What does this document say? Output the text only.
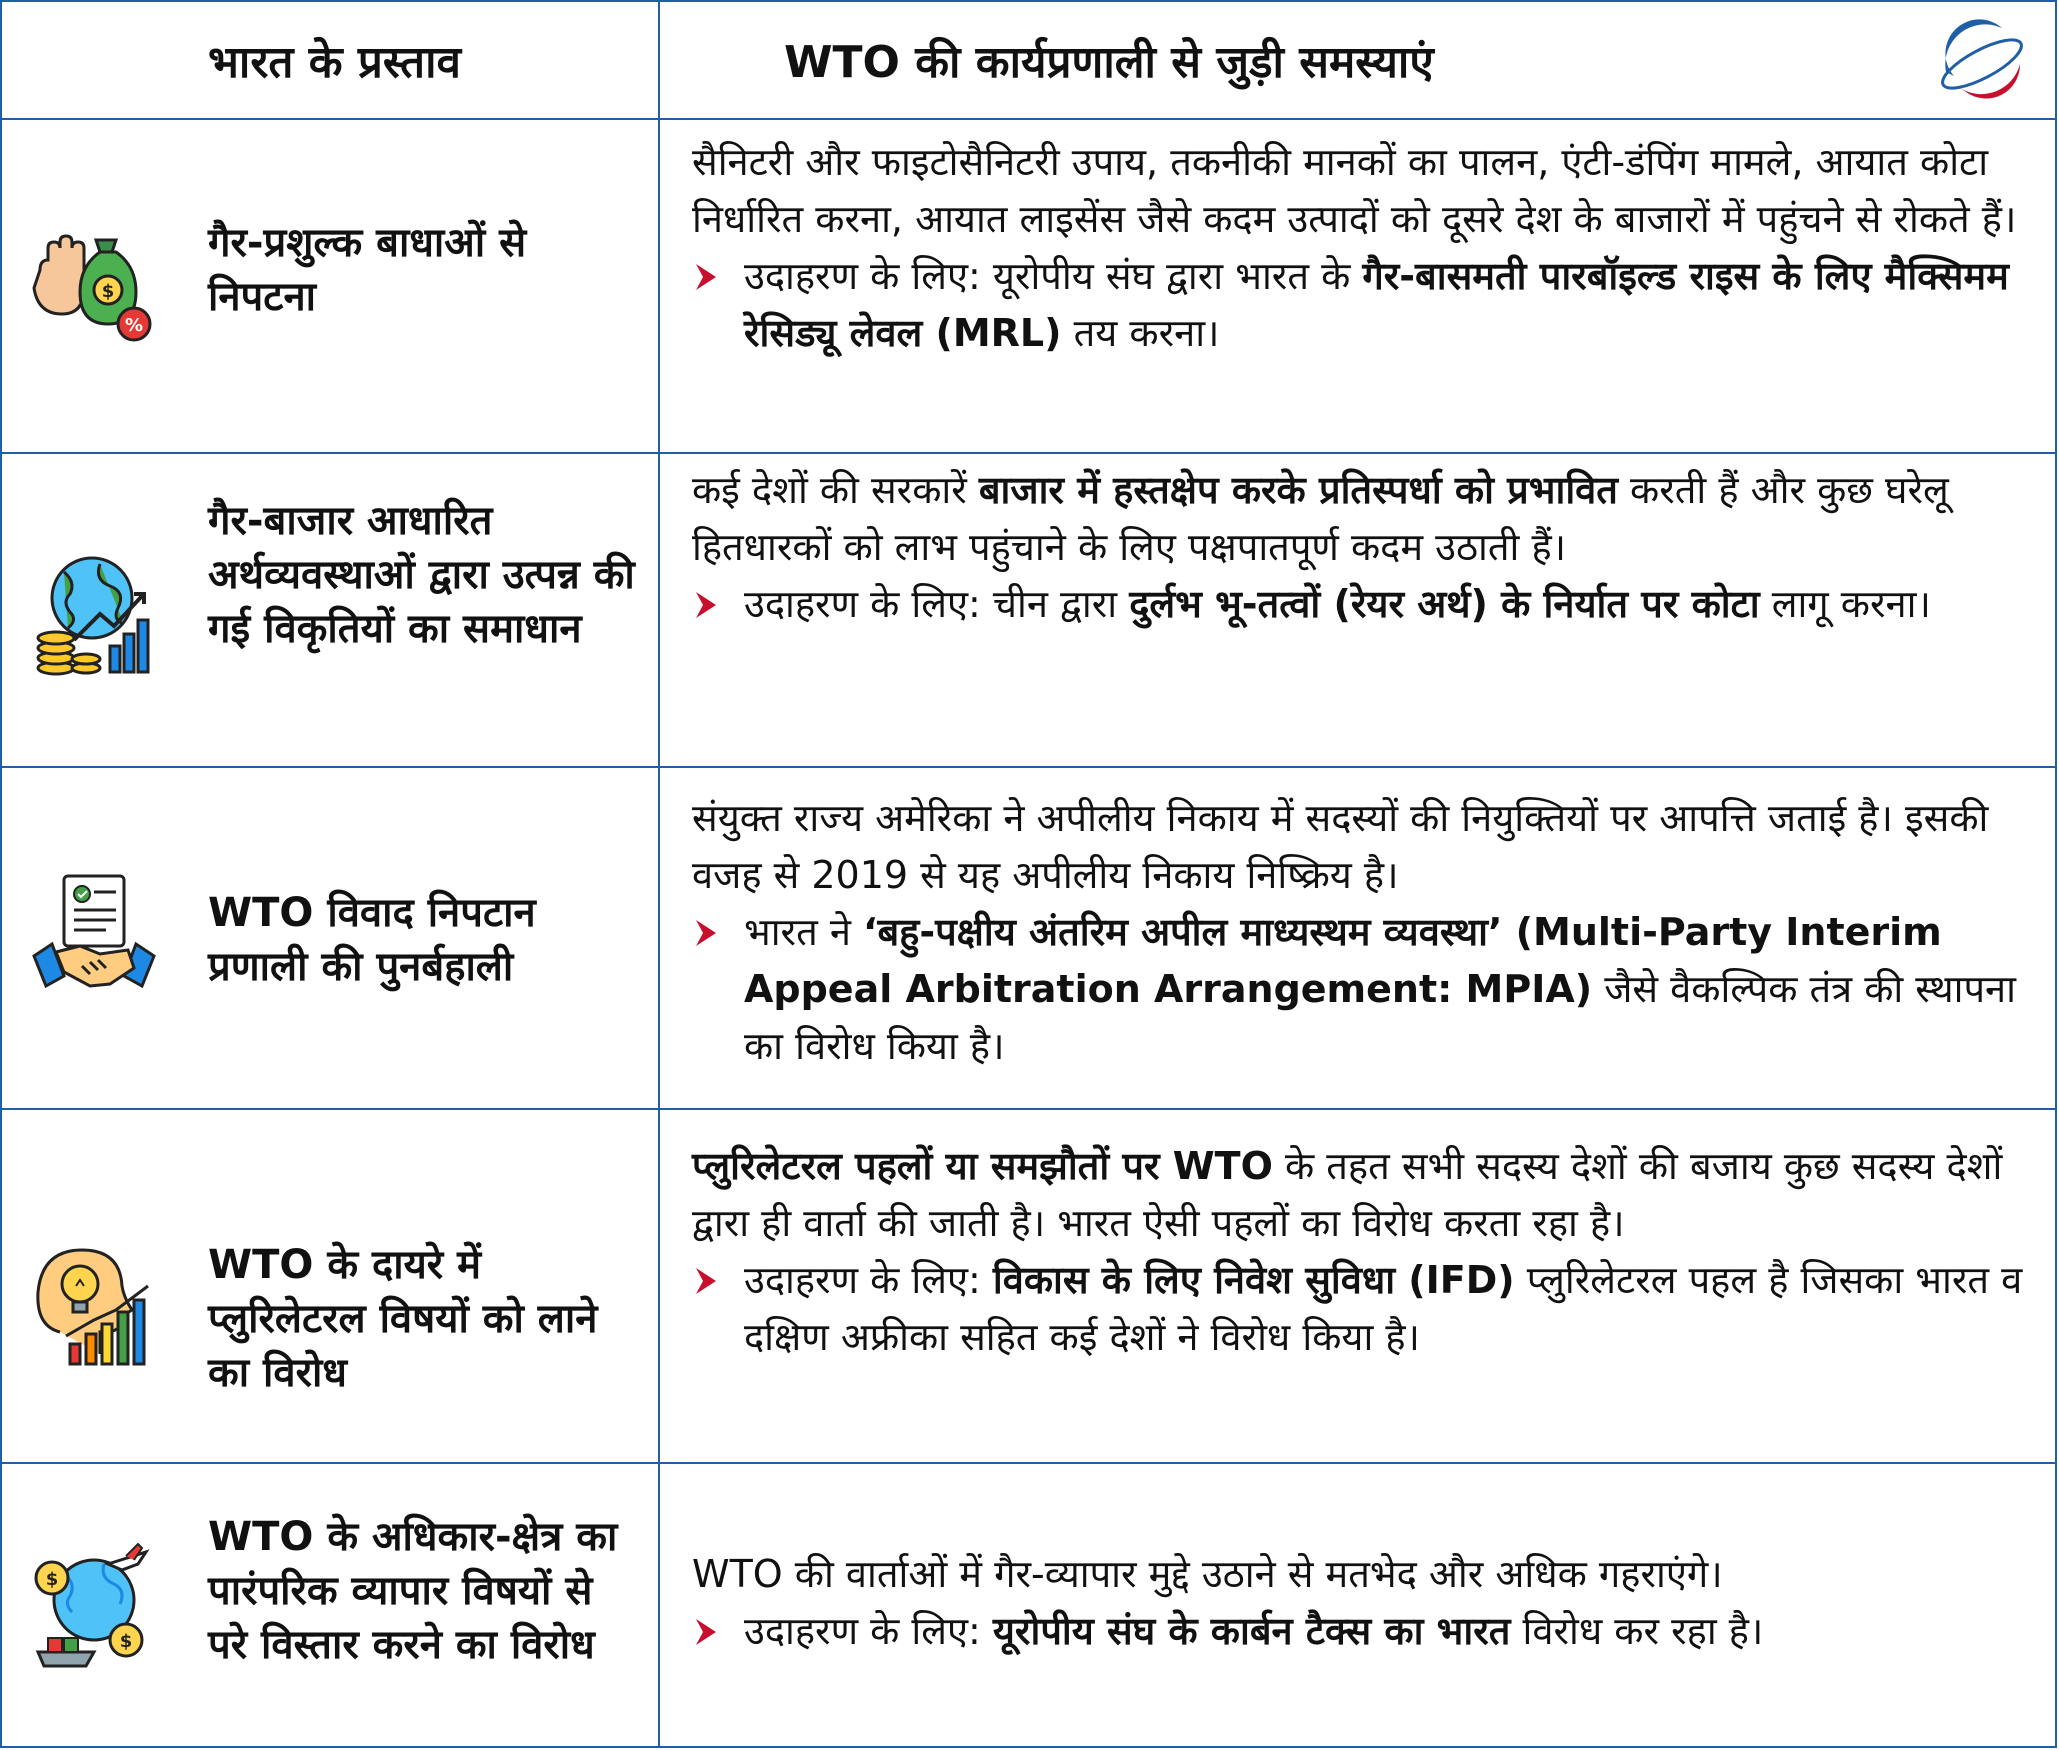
भारत के प्रस्ताव	WTO की कार्यप्रणाली से जुड़ी समस्याएं
$
%
गैर-प्रशुल्क बाधाओं से निपटना

सैनिटरी और फाइटोसैनिटरी उपाय, तकनीकी मानकों का पालन, एंटी-डंपिंग मामले, आयात कोटा निर्धारित करना, आयात लाइसेंस जैसे कदम उत्पादों को दूसरे देश के बाजारों में पहुंचने से रोकते हैं।

उदाहरण के लिए: यूरोपीय संघ द्वारा भारत के गैर-बासमती पारबॉइल्ड राइस के लिए मैक्सिमम रेसिड्यू लेवल (MRL) तय करना।

गैर-बाजार आधारित अर्थव्यवस्थाओं द्वारा उत्पन्न की गई विकृतियों का समाधान

कई देशों की सरकारें बाजार में हस्तक्षेप करके प्रतिस्पर्धा को प्रभावित करती हैं और कुछ घरेलू हितधारकों को लाभ पहुंचाने के लिए पक्षपातपूर्ण कदम उठाती हैं।

उदाहरण के लिए: चीन द्वारा दुर्लभ भू-तत्वों (रेयर अर्थ) के निर्यात पर कोटा लागू करना।

WTO विवाद निपटान प्रणाली की पुनर्बहाली

संयुक्त राज्य अमेरिका ने अपीलीय निकाय में सदस्यों की नियुक्तियों पर आपत्ति जताई है। इसकी वजह से 2019 से यह अपीलीय निकाय निष्क्रिय है।

भारत ने ‘बहु-पक्षीय अंतरिम अपील माध्यस्थम व्यवस्था’ (Multi-Party Interim Appeal Arbitration Arrangement: MPIA) जैसे वैकल्पिक तंत्र की स्थापना का विरोध किया है।

WTO के दायरे में प्लुरिलेटरल विषयों को लाने का विरोध

प्लुरिलेटरल पहलों या समझौतों पर WTO के तहत सभी सदस्य देशों की बजाय कुछ सदस्य देशों द्वारा ही वार्ता की जाती है। भारत ऐसी पहलों का विरोध करता रहा है।

उदाहरण के लिए: विकास के लिए निवेश सुविधा (IFD) प्लुरिलेटरल पहल है जिसका भारत व दक्षिण अफ्रीका सहित कई देशों ने विरोध किया है।

$
$
WTO के अधिकार-क्षेत्र का पारंपरिक व्यापार विषयों से परे विस्तार करने का विरोध

WTO की वार्ताओं में गैर-व्यापार मुद्दे उठाने से मतभेद और अधिक गहराएंगे।

उदाहरण के लिए: यूरोपीय संघ के कार्बन टैक्स का भारत विरोध कर रहा है।
